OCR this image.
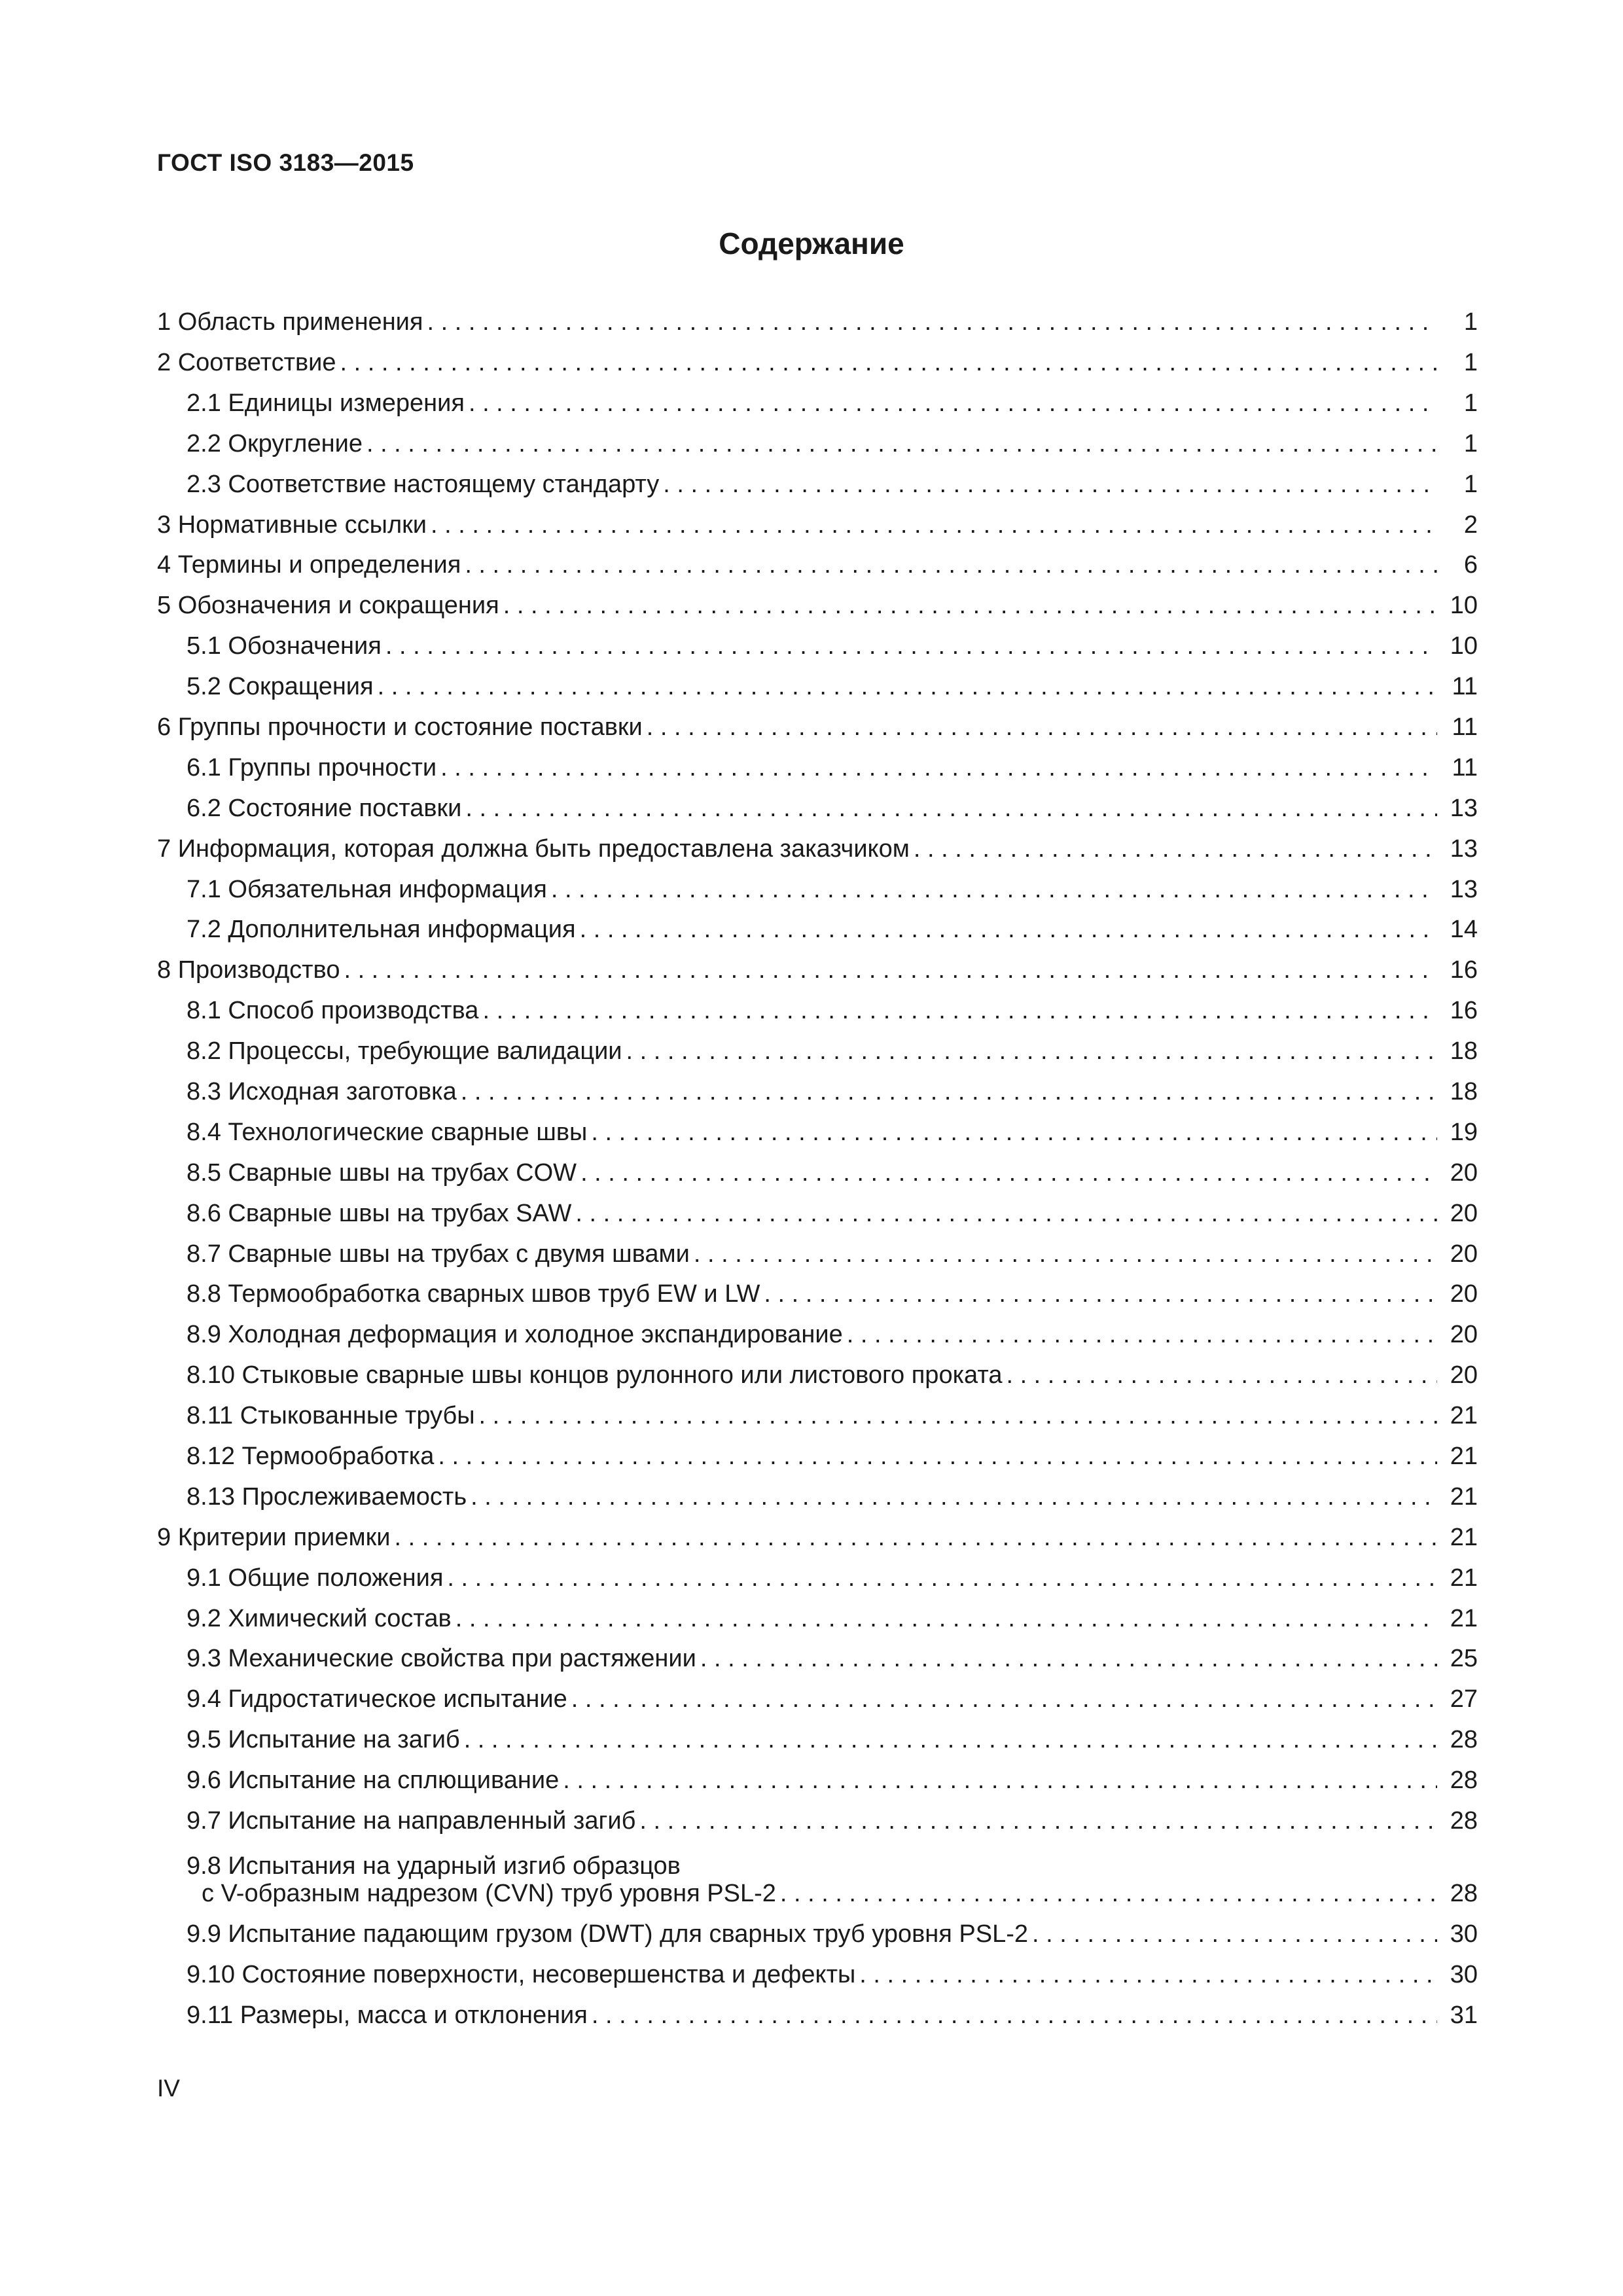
ГОСТ ISO 3183—2015
Содержание
1 Область применения . . .	1
2 Соответствие . . .	1
2.1 Единицы измерения . . .	1
2.2 Округление . . .	1
2.3 Соответствие настоящему стандарту . . .	1
3 Нормативные ссылки . . .	2
4 Термины и определения . . .	6
5 Обозначения и сокращения . . .	10
5.1 Обозначения . . .	10
5.2 Сокращения . . .	11
6 Группы прочности и состояние поставки . . .	11
6.1 Группы прочности . . .	11
6.2 Состояние поставки . . .	13
7 Информация, которая должна быть предоставлена заказчиком . . .	13
7.1 Обязательная информация . . .	13
7.2 Дополнительная информация . . .	14
8 Производство . . .	16
8.1 Способ производства . . .	16
8.2 Процессы, требующие валидации . . .	18
8.3 Исходная заготовка . . .	18
8.4 Технологические сварные швы . . .	19
8.5 Сварные швы на трубах COW . . .	20
8.6 Сварные швы на трубах SAW . . .	20
8.7 Сварные швы на трубах с двумя швами . . .	20
8.8 Термообработка сварных швов труб EW и LW . . .	20
8.9 Холодная деформация и холодное экспандирование . . .	20
8.10 Стыковые сварные швы концов рулонного или листового проката . . .	20
8.11 Стыкованные трубы . . .	21
8.12 Термообработка . . .	21
8.13 Прослеживаемость . . .	21
9 Критерии приемки . . .	21
9.1 Общие положения . . .	21
9.2 Химический состав . . .	21
9.3 Механические свойства при растяжении . . .	25
9.4 Гидростатическое испытание . . .	27
9.5 Испытание на загиб . . .	28
9.6 Испытание на сплющивание . . .	28
9.7 Испытание на направленный загиб . . .	28
9.8 Испытания на ударный изгиб образцов
с V-образным надрезом (CVN) труб уровня PSL-2 . . .	28
9.9 Испытание падающим грузом (DWT) для сварных труб уровня PSL-2 . . .	30
9.10 Состояние поверхности, несовершенства и дефекты . . .	30
9.11 Размеры, масса и отклонения . . .	31
IV
